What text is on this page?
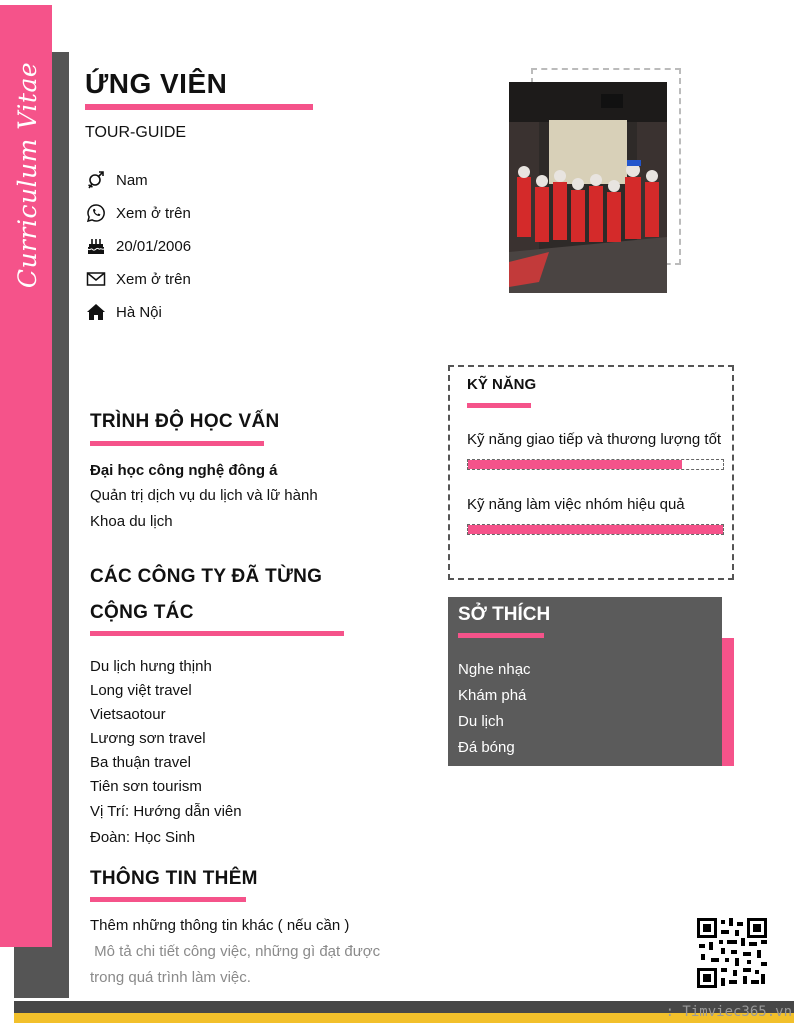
Curriculum Vitae ỨNG VIÊN
TOUR-GUIDE
Nam
Xem ở trên
20/01/2006
Xem ở trên
Hà Nội
TRÌNH ĐỘ HỌC VẤN
Đại học công nghệ đông á
Quản trị dịch vụ du lịch và lữ hành
Khoa du lịch
CÁC CÔNG TY ĐÃ TỪNG
CỘNG TÁC
Du lịch hưng thịnh
Long việt travel
Vietsaotour
Lương sơn travel
Ba thuận travel
Tiên sơn tourism
Vị Trí: Hướng dẫn viên
Đoàn: Học Sinh
THÔNG TIN THÊM
Thêm những thông tin khác ( nếu cần )
Mô tả chi tiết công việc, những gì đạt được
trong quá trình làm việc.
KỸ NĂNG
Kỹ năng giao tiếp và thương lượng tốt
Kỹ năng làm việc nhóm hiệu quả
SỞ THÍCH
Nghe nhạc
Khám phá
Du lịch
Đá bóng
: Timviec365.vn
